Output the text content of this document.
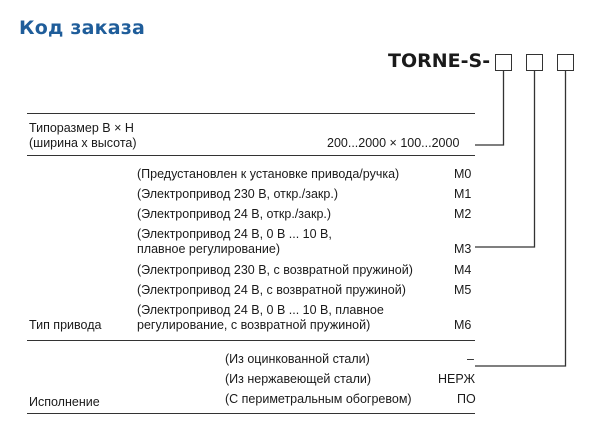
Код заказа
TORNE-S-
Типоразмер В × Н
(ширина х высота)	200...2000 × 100...2000
(Предустановлен к установке привода/ручка)	M0
(Электропривод 230 В, откр./закр.)	M1
(Электропривод 24 В, откр./закр.)	M2
(Электропривод 24 В, 0 В ... 10 В,
плавное регулирование)	M3
(Электропривод 230 В, с возвратной пружиной)	M4
(Электропривод 24 В, с возвратной пружиной)	M5
(Электропривод 24 В, 0 В ... 10 В, плавное
регулирование, с возвратной пружиной)	M6
Тип привода
(Из оцинкованной стали)	–
(Из нержавеющей стали)	НЕРЖ
(С периметральным обогревом)	ПО
Исполнение
